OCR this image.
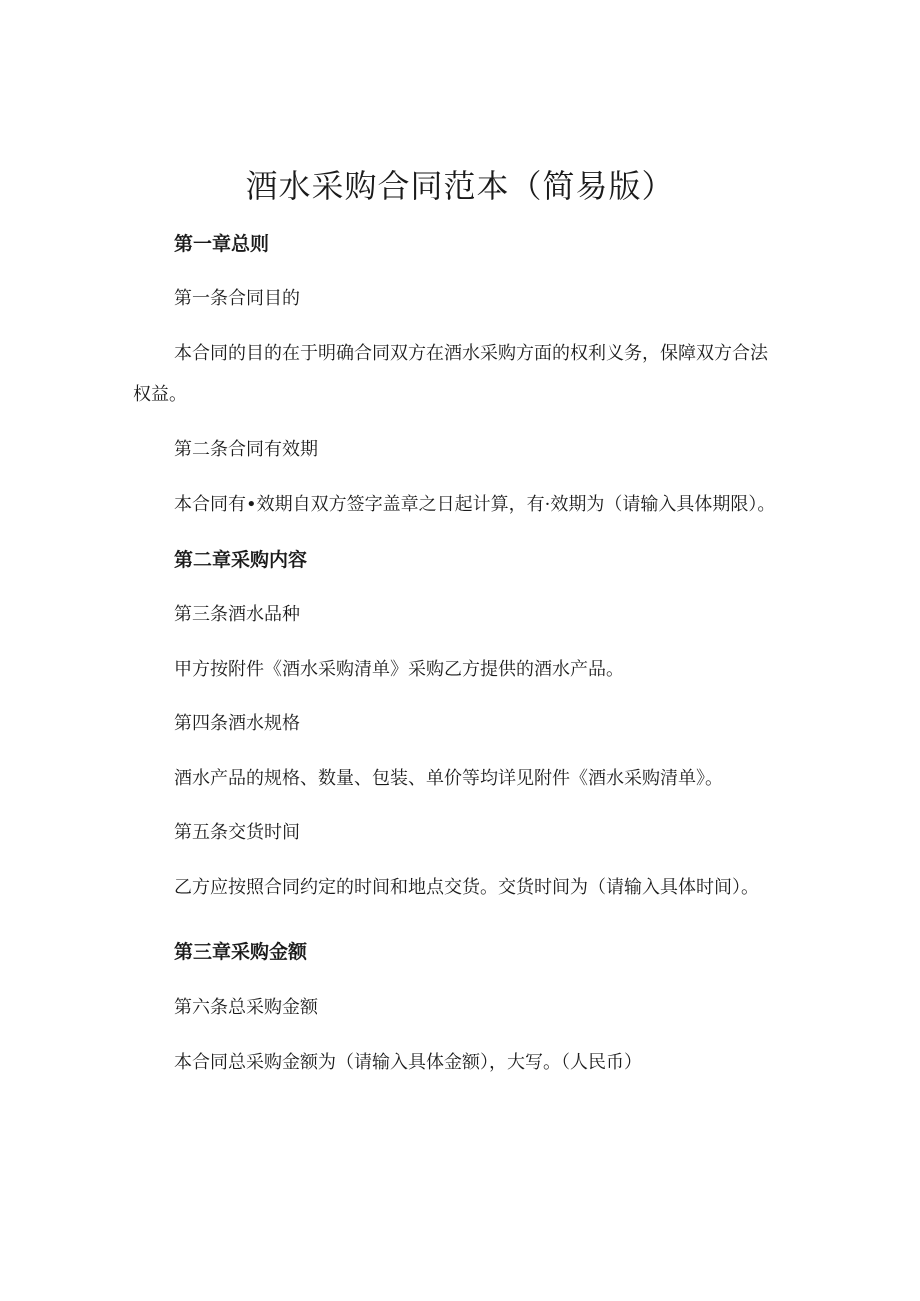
酒水采购合同范本（简易版）
第一章总则
第一条合同目的
本合同的目的在于明确合同双方在酒水采购方面的权利义务，保障双方合法
权益。
第二条合同有效期
本合同有•效期自双方签字盖章之日起计算，有·效期为（请输入具体期限）。
第二章采购内容
第三条酒水品种
甲方按附件《酒水采购清单》采购乙方提供的酒水产品。
第四条酒水规格
酒水产品的规格、数量、包装、单价等均详见附件《酒水采购清单》。
第五条交货时间
乙方应按照合同约定的时间和地点交货。交货时间为（请输入具体时间）。
第三章采购金额
第六条总采购金额
本合同总采购金额为（请输入具体金额），大写。（人民币）
